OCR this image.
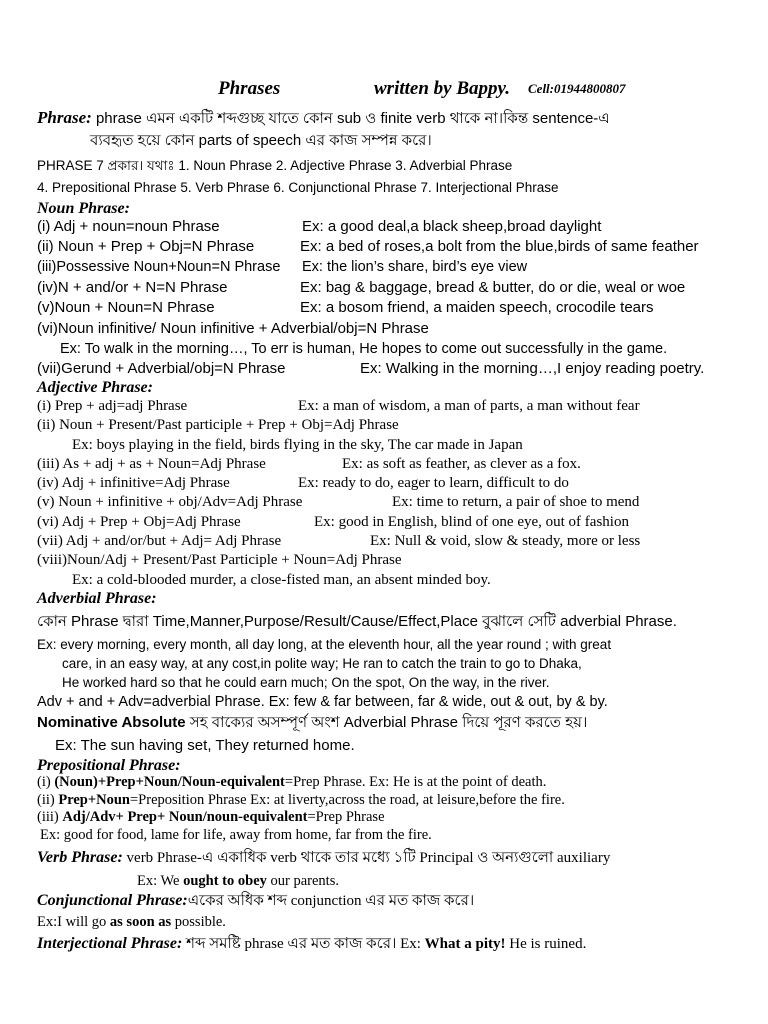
Phrases	written by Bappy. Cell:01944800807
Phrase: phrase এমন একটি শব্দগুচ্ছ যাতে কোন sub ও finite verb থাকে না।কিন্ত sentence-এ
ব্যবহৃত হয়ে কোন parts of speech এর কাজ সম্পন্ন করে।
PHRASE 7 প্রকার। যথাঃ 1. Noun Phrase 2. Adjective Phrase 3. Adverbial Phrase
4. Prepositional Phrase 5. Verb Phrase 6. Conjunctional Phrase 7. Interjectional Phrase
Noun Phrase:
(i) Adj + noun=noun Phrase	Ex: a good deal,a black sheep,broad daylight
(ii) Noun + Prep + Obj=N Phrase	Ex: a bed of roses,a bolt from the blue,birds of same feather
(iii)Possessive Noun+Noun=N Phrase Ex: the lion’s share, bird’s eye view
(iv)N + and/or + N=N Phrase	Ex: bag & baggage, bread & butter, do or die, weal or woe
(v)Noun + Noun=N Phrase	Ex: a bosom friend, a maiden speech, crocodile tears
(vi)Noun infinitive/ Noun infinitive + Adverbial/obj=N Phrase
Ex: To walk in the morning…, To err is human, He hopes to come out successfully in the game.
(vii)Gerund + Adverbial/obj=N Phrase	Ex: Walking in the morning…,I enjoy reading poetry.
Adjective Phrase:
(i) Prep + adj=adj Phrase	Ex: a man of wisdom, a man of parts, a man without fear
(ii) Noun + Present/Past participle + Prep + Obj=Adj Phrase
Ex: boys playing in the field, birds flying in the sky, The car made in Japan
(iii) As + adj + as + Noun=Adj Phrase	Ex: as soft as feather, as clever as a fox.
(iv) Adj + infinitive=Adj Phrase	Ex: ready to do, eager to learn, difficult to do
(v) Noun + infinitive + obj/Adv=Adj Phrase	Ex: time to return, a pair of shoe to mend
(vi) Adj + Prep + Obj=Adj Phrase	Ex: good in English, blind of one eye, out of fashion
(vii) Adj + and/or/but + Adj= Adj Phrase	Ex: Null & void, slow & steady, more or less
(viii)Noun/Adj + Present/Past Participle + Noun=Adj Phrase
Ex: a cold-blooded murder, a close-fisted man, an absent minded boy.
Adverbial Phrase:
কোন Phrase দ্বারা Time,Manner,Purpose/Result/Cause/Effect,Place বুঝালে সেটি adverbial Phrase.
Ex: every morning, every month, all day long, at the eleventh hour, all the year round ; with great
care, in an easy way, at any cost,in polite way; He ran to catch the train to go to Dhaka,
He worked hard so that he could earn much; On the spot, On the way, in the river.
Adv + and + Adv=adverbial Phrase. Ex: few & far between, far & wide, out & out, by & by.
Nominative Absolute সহ বাক্যের অসম্পূর্ণ অংশ Adverbial Phrase দিয়ে পূরণ করতে হয়।
Ex: The sun having set, They returned home.
Prepositional Phrase:
(i) (Noun)+Prep+Noun/Noun-equivalent=Prep Phrase. Ex: He is at the point of death.
(ii) Prep+Noun=Preposition Phrase Ex: at liverty,across the road, at leisure,before the fire.
(iii) Adj/Adv+ Prep+ Noun/noun-equivalent=Prep Phrase
Ex: good for food, lame for life, away from home, far from the fire.
Verb Phrase: verb Phrase-এ একাধিক verb থাকে তার মধ্যে ১টি Principal ও অন্যগুলো auxiliary
Ex: We ought to obey our parents.
Conjunctional Phrase:একের অধিক শব্দ conjunction এর মত কাজ করে।
Ex:I will go as soon as possible.
Interjectional Phrase: শব্দ সমষ্টি phrase এর মত কাজ করে। Ex: What a pity! He is ruined.
